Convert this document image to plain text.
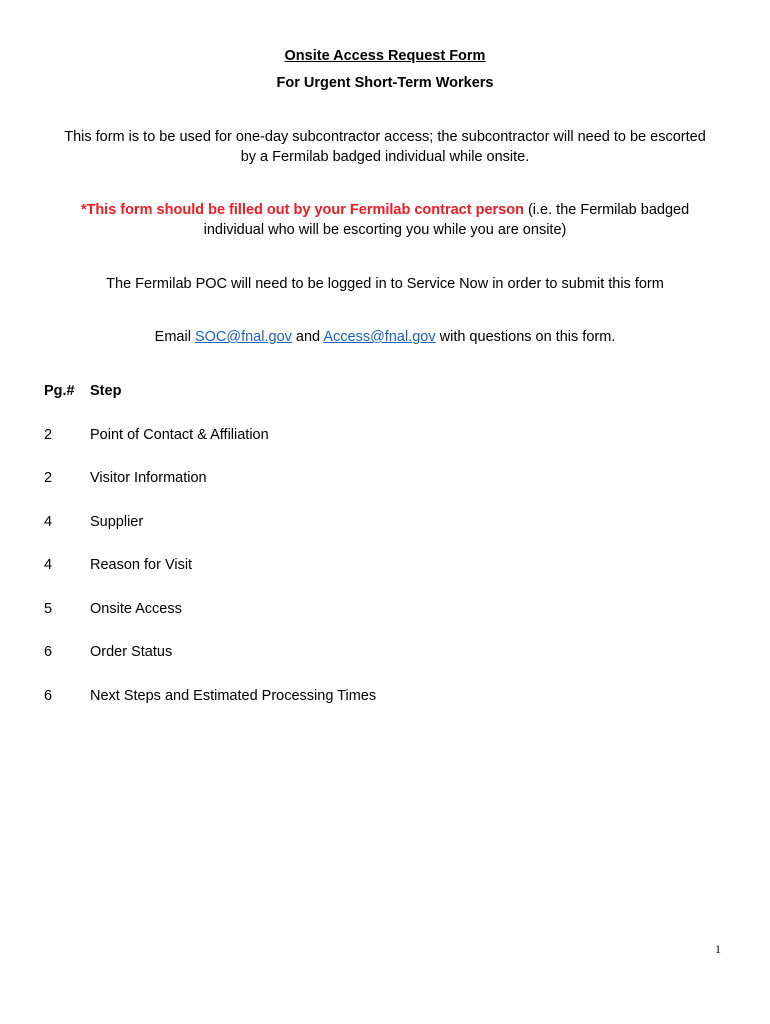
Onsite Access Request Form
For Urgent Short-Term Workers
This form is to be used for one-day subcontractor access; the subcontractor will need to be escorted
by a Fermilab badged individual while onsite.
*This form should be filled out by your Fermilab contract person (i.e. the Fermilab badged
individual who will be escorting you while you are onsite)
The Fermilab POC will need to be logged in to Service Now in order to submit this form
Email SOC@fnal.gov and Access@fnal.gov with questions on this form.
Pg.# Step
2	Point of Contact & Affiliation
2	Visitor Information
4	Supplier
4	Reason for Visit
5	Onsite Access
6	Order Status
6	Next Steps and Estimated Processing Times
1
